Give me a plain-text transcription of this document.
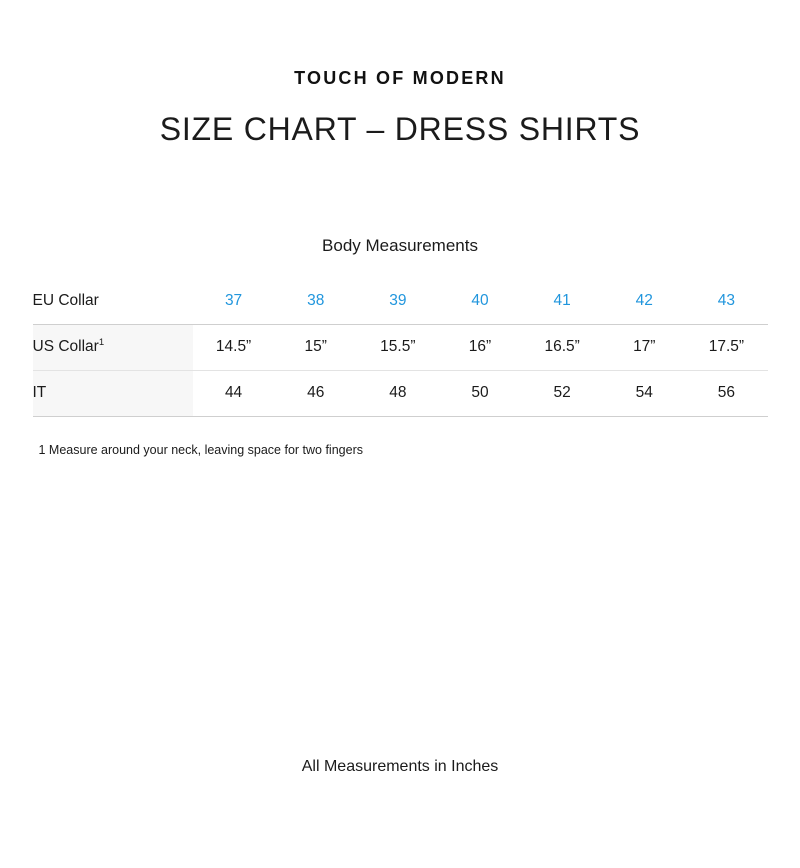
TOUCH OF MODERN
SIZE CHART – DRESS SHIRTS
Body Measurements
EU Collar	37	38	39	40	41	42	43
US Collar$^1$	14.5”	15”	15.5”	16”	16.5”	17”	17.5”
IT	44	46	48	50	52	54	56
1 Measure around your neck, leaving space for two fingers
All Measurements in Inches
